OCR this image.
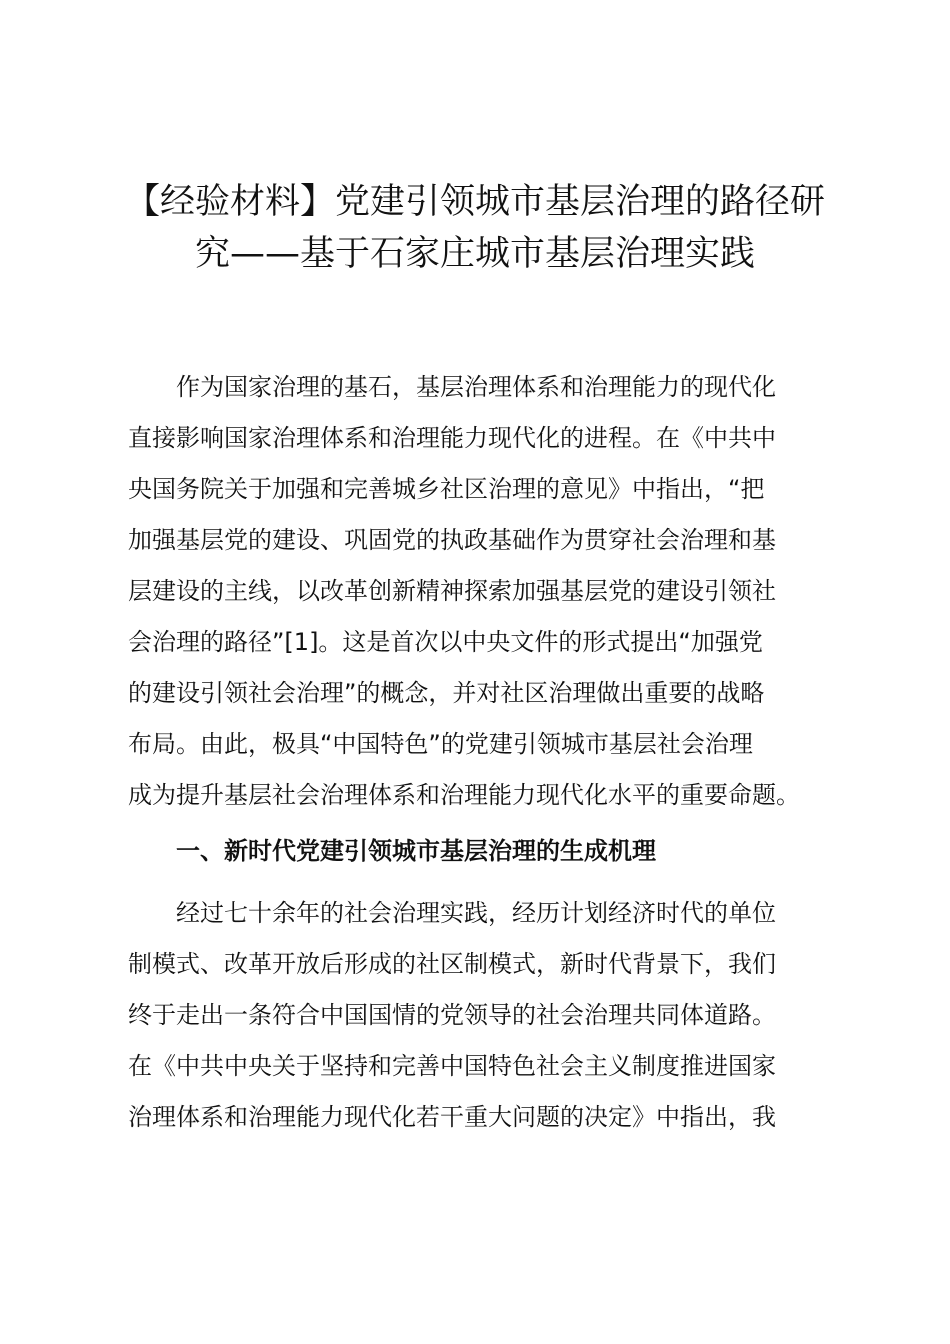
【经验材料】党建引领城市基层治理的路径研
究——基于石家庄城市基层治理实践
作为国家治理的基石，基层治理体系和治理能力的现代化
直接影响国家治理体系和治理能力现代化的进程。在《中共中
央国务院关于加强和完善城乡社区治理的意见》中指出，“把
加强基层党的建设、巩固党的执政基础作为贯穿社会治理和基
层建设的主线，以改革创新精神探索加强基层党的建设引领社
会治理的路径”[1]。这是首次以中央文件的形式提出“加强党
的建设引领社会治理”的概念，并对社区治理做出重要的战略
布局。由此，极具“中国特色”的党建引领城市基层社会治理
成为提升基层社会治理体系和治理能力现代化水平的重要命题。
一、新时代党建引领城市基层治理的生成机理
经过七十余年的社会治理实践，经历计划经济时代的单位
制模式、改革开放后形成的社区制模式，新时代背景下，我们
终于走出一条符合中国国情的党领导的社会治理共同体道路。
在《中共中央关于坚持和完善中国特色社会主义制度推进国家
治理体系和治理能力现代化若干重大问题的决定》中指出，我
